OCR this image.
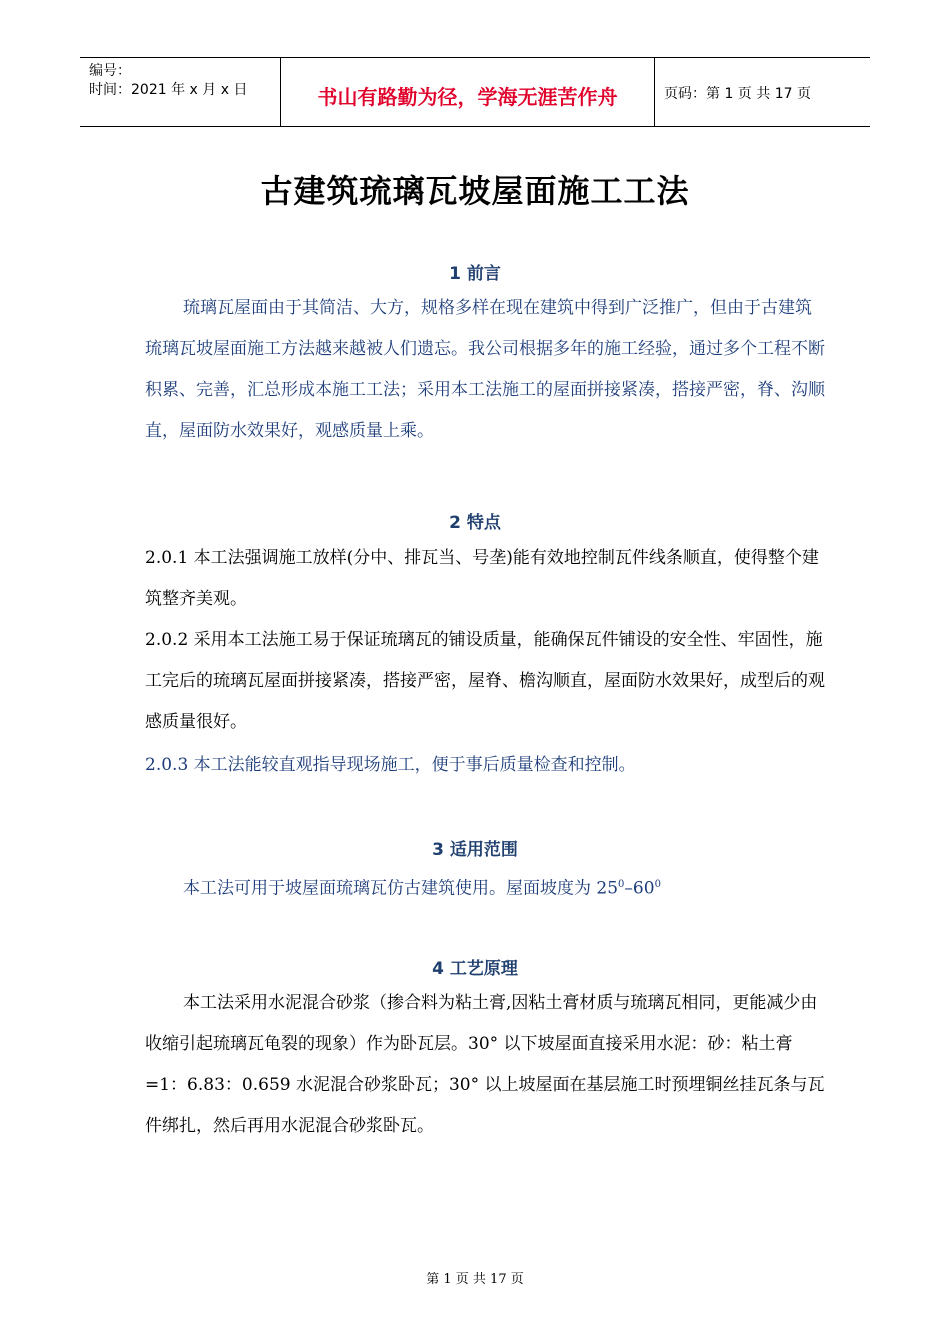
编号：
时间：2021 年 x 月 x 日	书山有路勤为径，学海无涯苦作舟	页码：第 1 页 共 17 页
古建筑琉璃瓦坡屋面施工工法
1 前言
琉璃瓦屋面由于其简洁、大方，规格多样在现在建筑中得到广泛推广，但由于古建筑琉璃瓦坡屋面施工方法越来越被人们遗忘。我公司根据多年的施工经验，通过多个工程不断积累、完善，汇总形成本施工工法；采用本工法施工的屋面拼接紧凑，搭接严密，脊、沟顺直，屋面防水效果好，观感质量上乘。
2 特点
2.0.1 本工法强调施工放样(分中、排瓦当、号垄)能有效地控制瓦件线条顺直，使得整个建筑整齐美观。
2.0.2 采用本工法施工易于保证琉璃瓦的铺设质量，能确保瓦件铺设的安全性、牢固性，施工完后的琉璃瓦屋面拼接紧凑，搭接严密，屋脊、檐沟顺直，屋面防水效果好，成型后的观感质量很好。
2.0.3 本工法能较直观指导现场施工，便于事后质量检查和控制。
3 适用范围
本工法可用于坡屋面琉璃瓦仿古建筑使用。屋面坡度为 $25^0-60^0$
4 工艺原理
本工法采用水泥混合砂浆（掺合料为粘土膏,因粘土膏材质与琉璃瓦相同，更能减少由收缩引起琉璃瓦龟裂的现象）作为卧瓦层。30° 以下坡屋面直接采用水泥：砂：粘土膏=1：6.83：0.659 水泥混合砂浆卧瓦；30° 以上坡屋面在基层施工时预埋铜丝挂瓦条与瓦件绑扎，然后再用水泥混合砂浆卧瓦。
第 1 页 共 17 页
